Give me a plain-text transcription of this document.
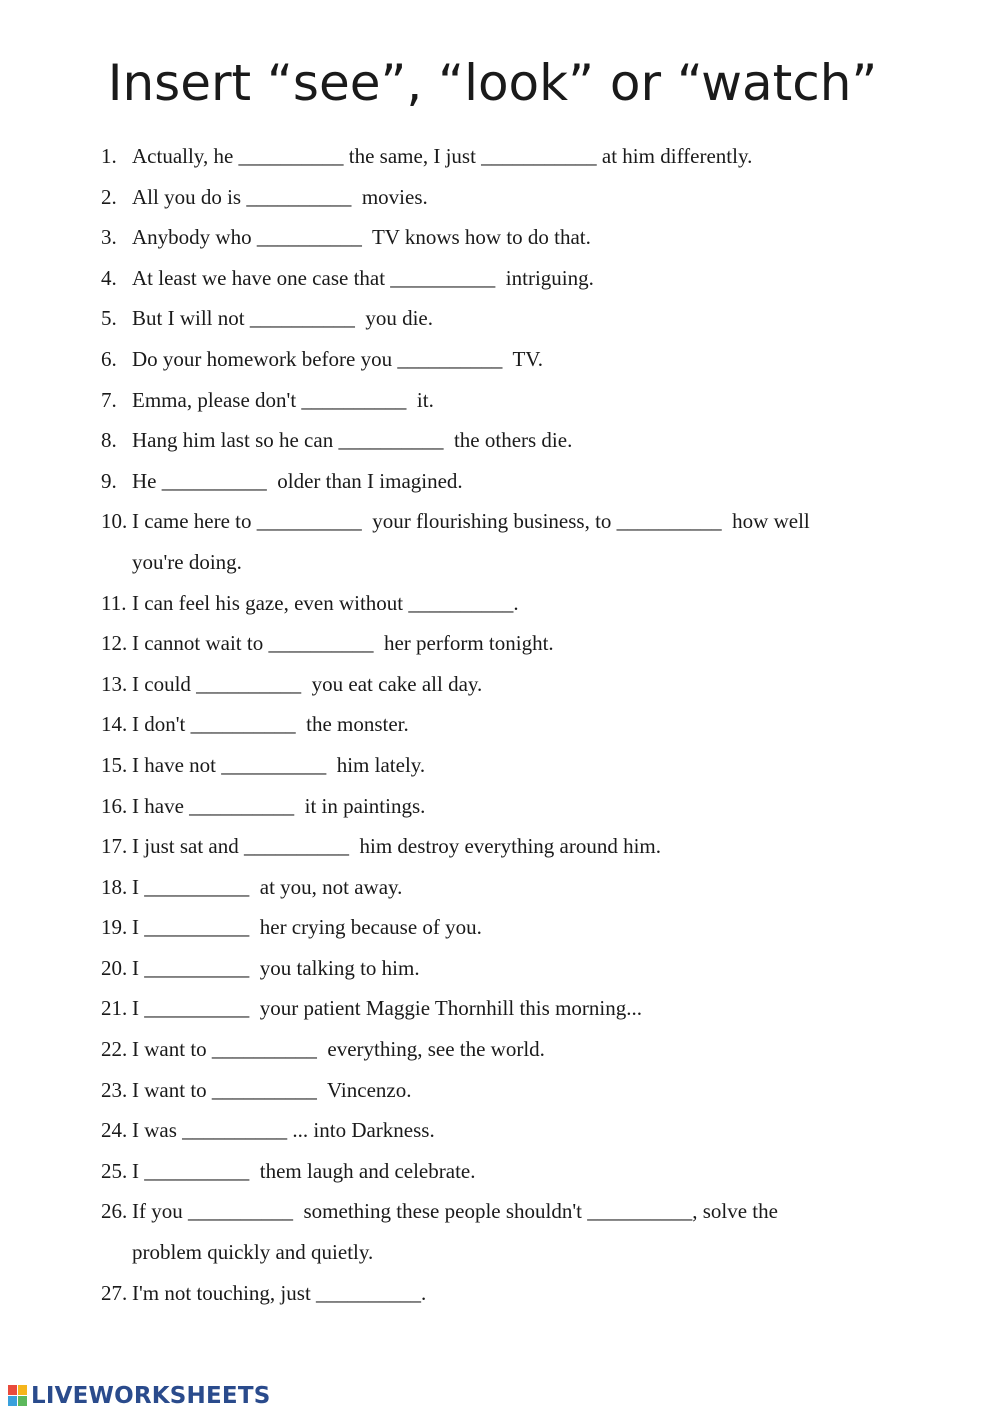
Insert “see”, “look” or “watch”
1. Actually, he __________ the same, I just ___________ at him differently.
2. All you do is __________  movies.
3. Anybody who __________  TV knows how to do that.
4. At least we have one case that __________  intriguing.
5. But I will not __________  you die.
6. Do your homework before you __________  TV.
7. Emma, please don't __________  it.
8. Hang him last so he can __________  the others die.
9. He __________  older than I imagined.
10. I came here to __________  your flourishing business, to __________  how well
you're doing.
11. I can feel his gaze, even without __________.
12. I cannot wait to __________  her perform tonight.
13. I could __________  you eat cake all day.
14. I don't __________  the monster.
15. I have not __________  him lately.
16. I have __________  it in paintings.
17. I just sat and __________  him destroy everything around him.
18. I __________  at you, not away.
19. I __________  her crying because of you.
20. I __________  you talking to him.
21. I __________  your patient Maggie Thornhill this morning...
22. I want to __________  everything, see the world.
23. I want to __________  Vincenzo.
24. I was __________ ... into Darkness.
25. I __________  them laugh and celebrate.
26. If you __________  something these people shouldn't __________, solve the
problem quickly and quietly.
27. I'm not touching, just __________.
LIVEWORKSHEETS
